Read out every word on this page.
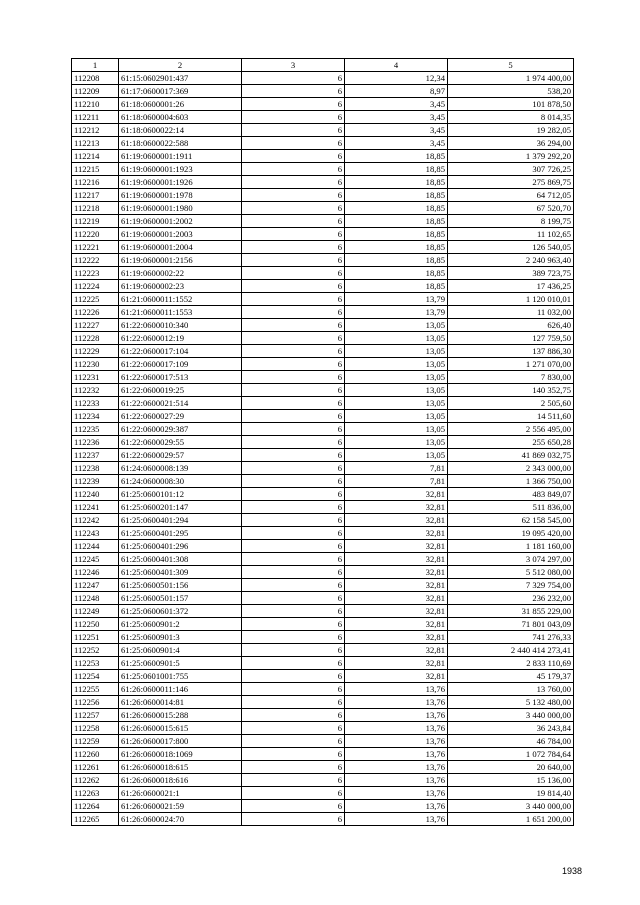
1	2	3	4	5
112208	61:15:0602901:437	6	12,34	1 974 400,00
112209	61:17:0600017:369	6	8,97	538,20
112210	61:18:0600001:26	6	3,45	101 878,50
112211	61:18:0600004:603	6	3,45	8 014,35
112212	61:18:0600022:14	6	3,45	19 282,05
112213	61:18:0600022:588	6	3,45	36 294,00
112214	61:19:0600001:1911	6	18,85	1 379 292,20
112215	61:19:0600001:1923	6	18,85	307 726,25
112216	61:19:0600001:1926	6	18,85	275 869,75
112217	61:19:0600001:1978	6	18,85	64 712,05
112218	61:19:0600001:1980	6	18,85	67 520,70
112219	61:19:0600001:2002	6	18,85	8 199,75
112220	61:19:0600001:2003	6	18,85	11 102,65
112221	61:19:0600001:2004	6	18,85	126 540,05
112222	61:19:0600001:2156	6	18,85	2 240 963,40
112223	61:19:0600002:22	6	18,85	389 723,75
112224	61:19:0600002:23	6	18,85	17 436,25
112225	61:21:0600011:1552	6	13,79	1 120 010,01
112226	61:21:0600011:1553	6	13,79	11 032,00
112227	61:22:0600010:340	6	13,05	626,40
112228	61:22:0600012:19	6	13,05	127 759,50
112229	61:22:0600017:104	6	13,05	137 886,30
112230	61:22:0600017:109	6	13,05	1 271 070,00
112231	61:22:0600017:513	6	13,05	7 830,00
112232	61:22:0600019:25	6	13,05	140 352,75
112233	61:22:0600021:514	6	13,05	2 505,60
112234	61:22:0600027:29	6	13,05	14 511,60
112235	61:22:0600029:387	6	13,05	2 556 495,00
112236	61:22:0600029:55	6	13,05	255 650,28
112237	61:22:0600029:57	6	13,05	41 869 032,75
112238	61:24:0600008:139	6	7,81	2 343 000,00
112239	61:24:0600008:30	6	7,81	1 366 750,00
112240	61:25:0600101:12	6	32,81	483 849,07
112241	61:25:0600201:147	6	32,81	511 836,00
112242	61:25:0600401:294	6	32,81	62 158 545,00
112243	61:25:0600401:295	6	32,81	19 095 420,00
112244	61:25:0600401:296	6	32,81	1 181 160,00
112245	61:25:0600401:308	6	32,81	3 074 297,00
112246	61:25:0600401:309	6	32,81	5 512 080,00
112247	61:25:0600501:156	6	32,81	7 329 754,00
112248	61:25:0600501:157	6	32,81	236 232,00
112249	61:25:0600601:372	6	32,81	31 855 229,00
112250	61:25:0600901:2	6	32,81	71 801 043,09
112251	61:25:0600901:3	6	32,81	741 276,33
112252	61:25:0600901:4	6	32,81	2 440 414 273,41
112253	61:25:0600901:5	6	32,81	2 833 110,69
112254	61:25:0601001:755	6	32,81	45 179,37
112255	61:26:0600011:146	6	13,76	13 760,00
112256	61:26:0600014:81	6	13,76	5 132 480,00
112257	61:26:0600015:288	6	13,76	3 440 000,00
112258	61:26:0600015:615	6	13,76	36 243,84
112259	61:26:0600017:800	6	13,76	46 784,00
112260	61:26:0600018:1069	6	13,76	1 072 784,64
112261	61:26:0600018:615	6	13,76	20 640,00
112262	61:26:0600018:616	6	13,76	15 136,00
112263	61:26:0600021:1	6	13,76	19 814,40
112264	61:26:0600021:59	6	13,76	3 440 000,00
112265	61:26:0600024:70	6	13,76	1 651 200,00
1938
